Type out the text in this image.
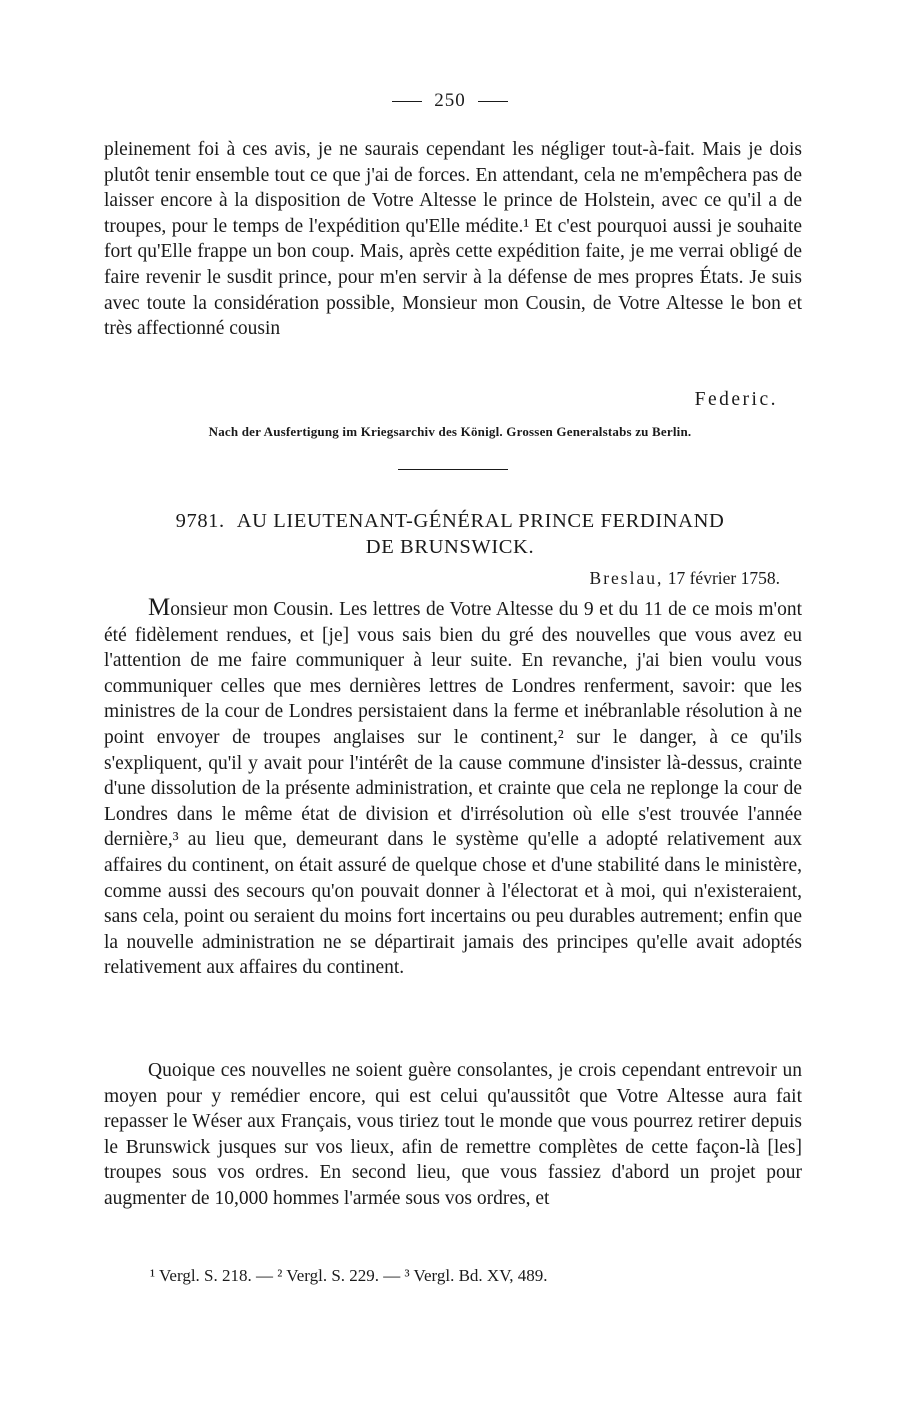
250
pleinement foi à ces avis, je ne saurais cependant les négliger tout-à-fait. Mais je dois plutôt tenir ensemble tout ce que j'ai de forces. En attendant, cela ne m'empêchera pas de laisser encore à la disposition de Votre Altesse le prince de Holstein, avec ce qu'il a de troupes, pour le temps de l'expédition qu'Elle médite.¹ Et c'est pourquoi aussi je souhaite fort qu'Elle frappe un bon coup. Mais, après cette expédition faite, je me verrai obligé de faire revenir le susdit prince, pour m'en servir à la défense de mes propres États. Je suis avec toute la considération possible, Monsieur mon Cousin, de Votre Altesse le bon et très affectionné cousin
Federic.
Nach der Ausfertigung im Kriegsarchiv des Königl. Grossen Generalstabs zu Berlin.
9781. AU LIEUTENANT-GÉNÉRAL PRINCE FERDINAND
DE BRUNSWICK.
Breslau, 17 février 1758.
Monsieur mon Cousin. Les lettres de Votre Altesse du 9 et du 11 de ce mois m'ont été fidèlement rendues, et [je] vous sais bien du gré des nouvelles que vous avez eu l'attention de me faire communiquer à leur suite. En revanche, j'ai bien voulu vous communiquer celles que mes dernières lettres de Londres renferment, savoir: que les ministres de la cour de Londres persistaient dans la ferme et inébranlable résolution à ne point envoyer de troupes anglaises sur le continent,² sur le danger, à ce qu'ils s'expliquent, qu'il y avait pour l'intérêt de la cause commune d'insister là-dessus, crainte d'une dissolution de la présente administration, et crainte que cela ne replonge la cour de Londres dans le même état de division et d'irrésolution où elle s'est trouvée l'année dernière,³ au lieu que, demeurant dans le système qu'elle a adopté relativement aux affaires du continent, on était assuré de quelque chose et d'une stabilité dans le ministère, comme aussi des secours qu'on pouvait donner à l'électorat et à moi, qui n'existeraient, sans cela, point ou seraient du moins fort incertains ou peu durables autrement; enfin que la nouvelle administration ne se départirait jamais des principes qu'elle avait adoptés relativement aux affaires du continent.
Quoique ces nouvelles ne soient guère consolantes, je crois cependant entrevoir un moyen pour y remédier encore, qui est celui qu'aussitôt que Votre Altesse aura fait repasser le Wéser aux Français, vous tiriez tout le monde que vous pourrez retirer depuis le Brunswick jusques sur vos lieux, afin de remettre complètes de cette façon-là [les] troupes sous vos ordres. En second lieu, que vous fassiez d'abord un projet pour augmenter de 10,000 hommes l'armée sous vos ordres, et
¹ Vergl. S. 218. — ² Vergl. S. 229. — ³ Vergl. Bd. XV, 489.
